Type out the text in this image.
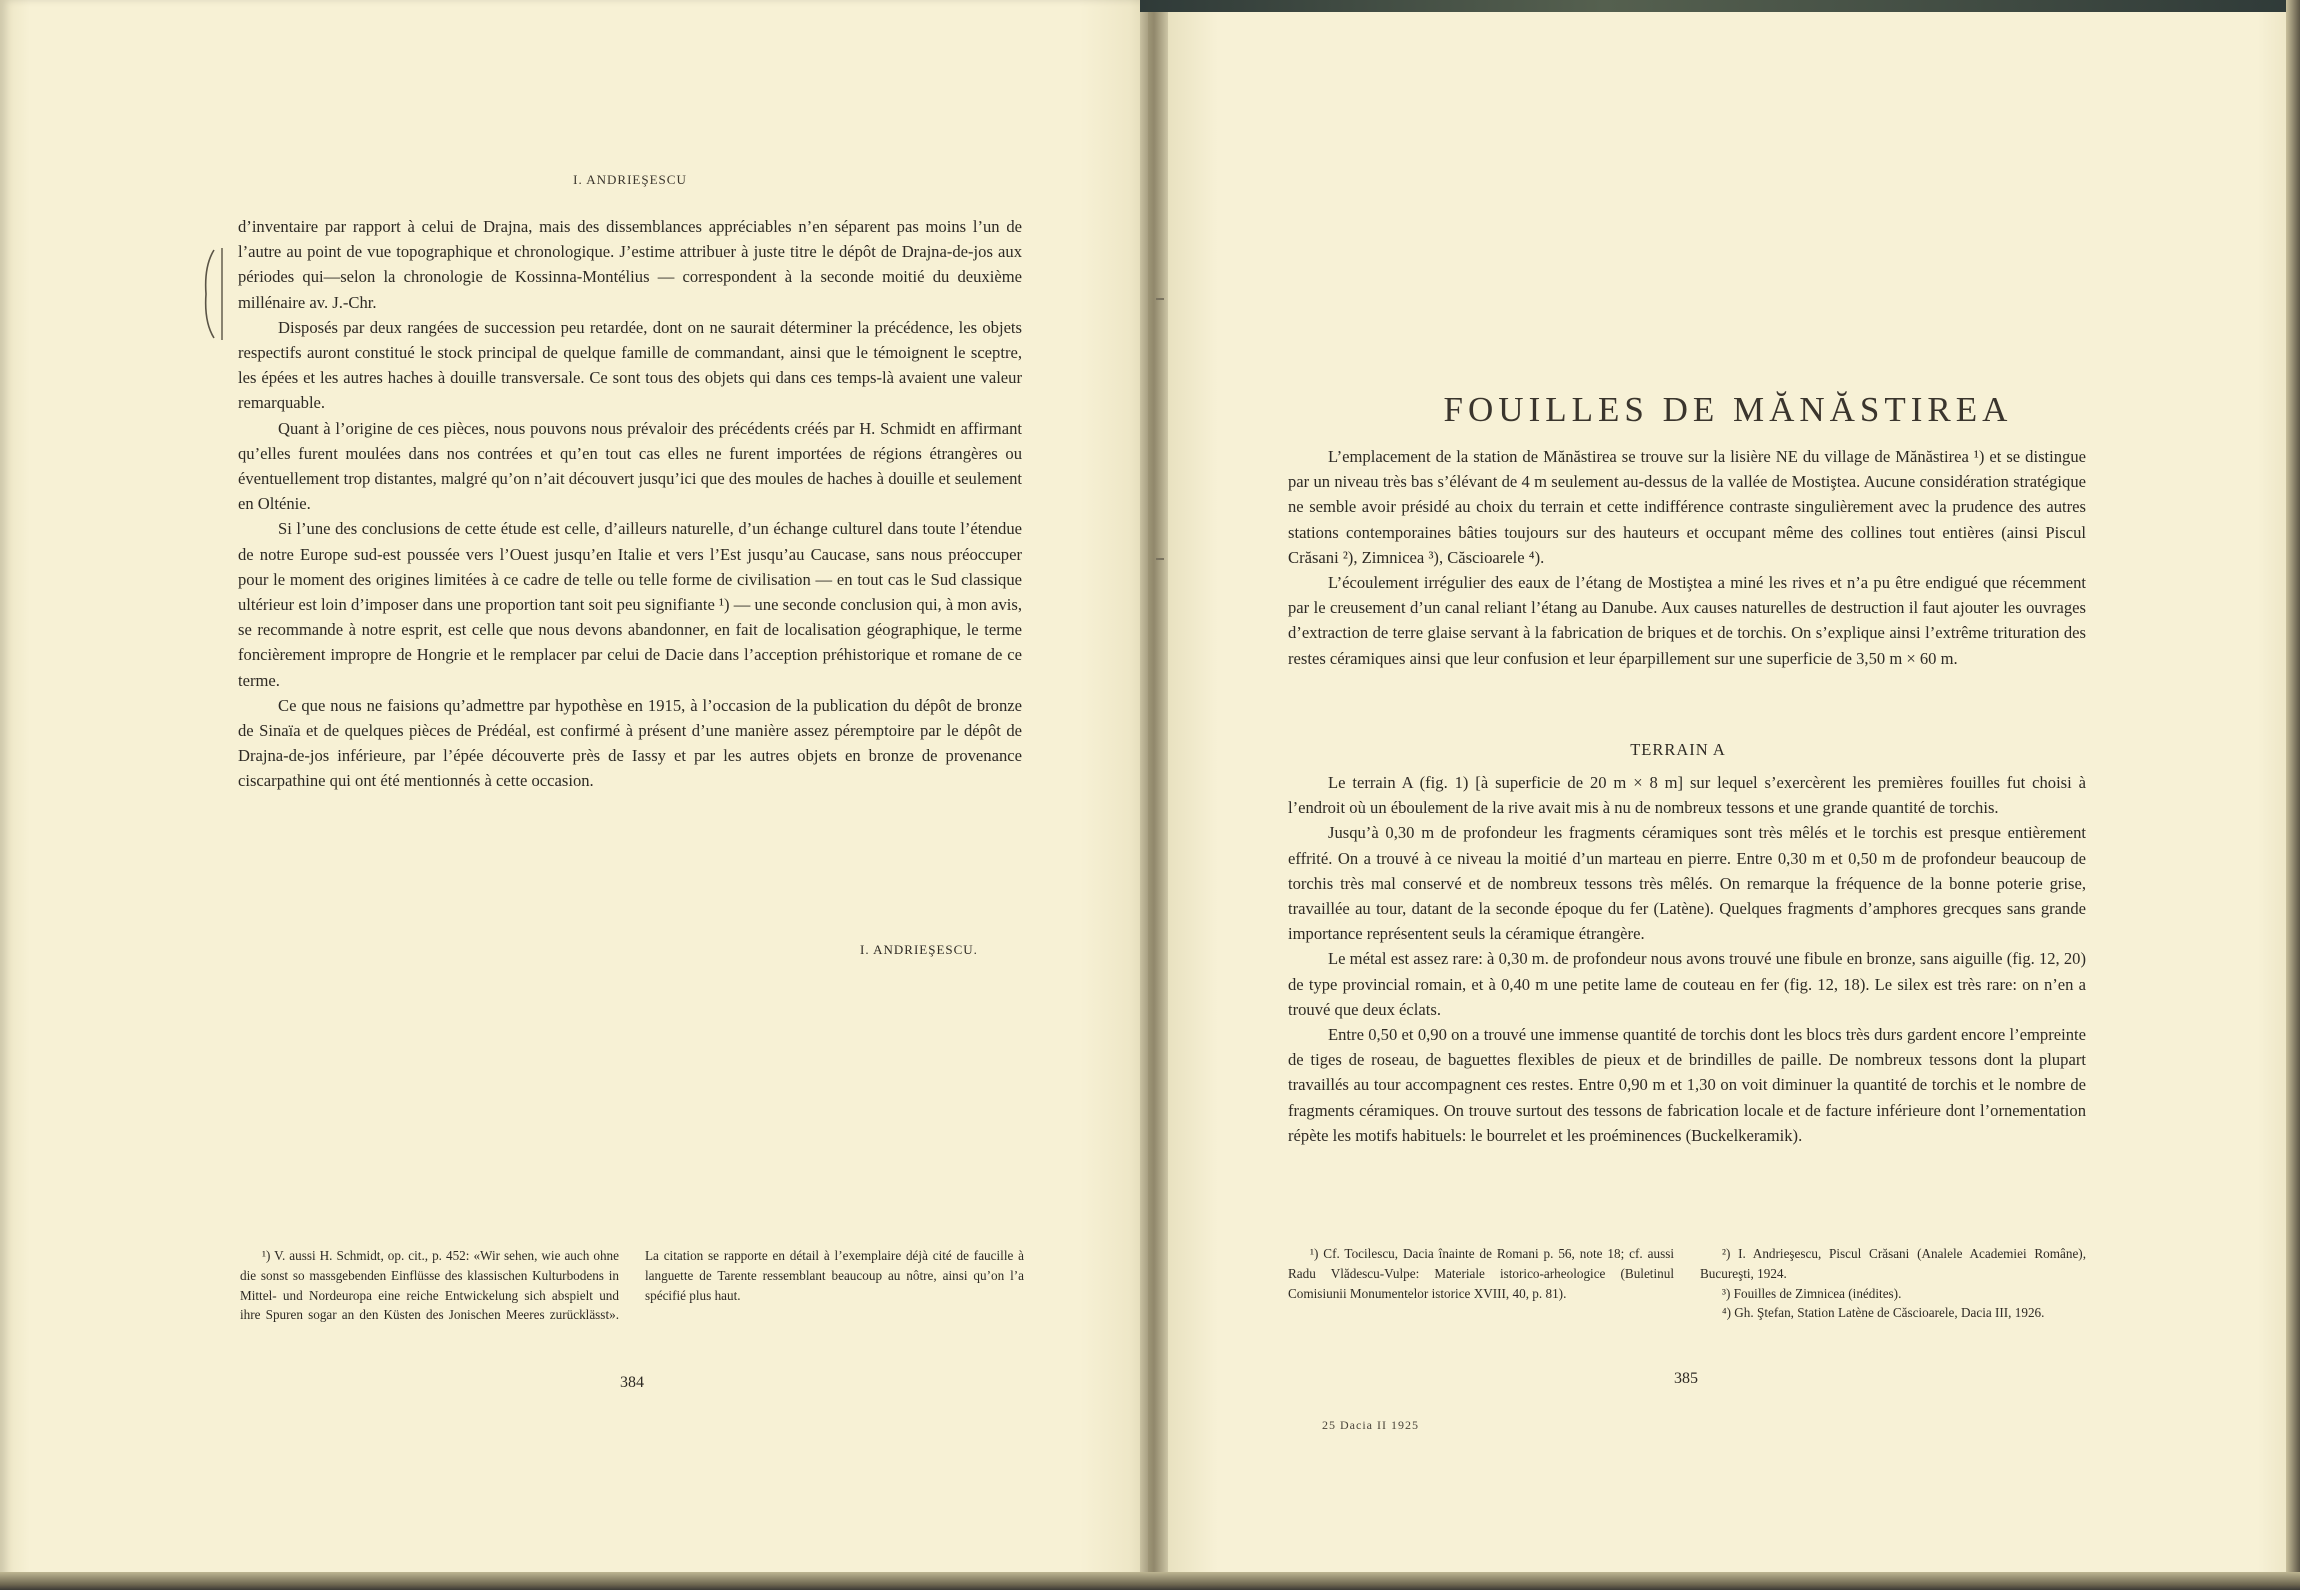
I. ANDRIEŞESCU

d’inventaire par rapport à celui de Drajna, mais des dissemblances appréciables n’en séparent pas moins l’un de l’autre au point de vue topographique et chronologique. J’estime attribuer à juste titre le dépôt de Drajna-de-jos aux périodes qui—selon la chronologie de Kossinna-Montélius — correspondent à la seconde moitié du deuxième millénaire av. J.-Chr.

Disposés par deux rangées de succession peu retardée, dont on ne saurait déterminer la précédence, les objets respectifs auront constitué le stock principal de quelque famille de commandant, ainsi que le témoignent le sceptre, les épées et les autres haches à douille transversale. Ce sont tous des objets qui dans ces temps-là avaient une valeur remarquable.

Quant à l’origine de ces pièces, nous pouvons nous prévaloir des précédents créés par H. Schmidt en affirmant qu’elles furent moulées dans nos contrées et qu’en tout cas elles ne furent importées de régions étrangères ou éventuellement trop distantes, malgré qu’on n’ait découvert jusqu’ici que des moules de haches à douille et seulement en Olténie.

Si l’une des conclusions de cette étude est celle, d’ailleurs naturelle, d’un échange culturel dans toute l’étendue de notre Europe sud-est poussée vers l’Ouest jusqu’en Italie et vers l’Est jusqu’au Caucase, sans nous préoccuper pour le moment des origines limitées à ce cadre de telle ou telle forme de civilisation — en tout cas le Sud classique ultérieur est loin d’imposer dans une proportion tant soit peu signifiante ¹) — une seconde conclusion qui, à mon avis, se recommande à notre esprit, est celle que nous devons abandonner, en fait de localisation géographique, le terme foncièrement impropre de Hongrie et le remplacer par celui de Dacie dans l’acception préhistorique et romane de ce terme.

Ce que nous ne faisions qu’admettre par hypothèse en 1915, à l’occasion de la publication du dépôt de bronze de Sinaïa et de quelques pièces de Prédéal, est confirmé à présent d’une manière assez péremptoire par le dépôt de Drajna-de-jos inférieure, par l’épée découverte près de Iassy et par les autres objets en bronze de provenance ciscarpathine qui ont été mentionnés à cette occasion.

I. ANDRIEŞESCU.

¹) V. aussi H. Schmidt, op. cit., p. 452: «Wir sehen, wie auch ohne die sonst so massgebenden Einflüsse des klassischen Kulturbodens in Mittel- und Nordeuropa eine reiche Entwickelung sich abspielt und ihre Spuren sogar an den Küsten des Jonischen Meeres zurücklässt». La citation se rapporte en détail à l’exemplaire déjà cité de faucille à languette de Tarente ressemblant beaucoup au nôtre, ainsi qu’on l’a spécifié plus haut.

384
FOUILLES DE MĂNĂSTIREA

L’emplacement de la station de Mănăstirea se trouve sur la lisière NE du village de Mănăstirea ¹) et se distingue par un niveau très bas s’élévant de 4 m seulement au-dessus de la vallée de Mostiştea. Aucune considération stratégique ne semble avoir présidé au choix du terrain et cette indifférence contraste singulièrement avec la prudence des autres stations contemporaines bâties toujours sur des hauteurs et occupant même des collines tout entières (ainsi Piscul Crăsani ²), Zimnicea ³), Căscioarele ⁴).

L’écoulement irrégulier des eaux de l’étang de Mostiştea a miné les rives et n’a pu être endigué que récemment par le creusement d’un canal reliant l’étang au Danube. Aux causes naturelles de destruction il faut ajouter les ouvrages d’extraction de terre glaise servant à la fabrication de briques et de torchis. On s’explique ainsi l’extrême trituration des restes céramiques ainsi que leur confusion et leur éparpillement sur une superficie de 3,50 m × 60 m.

TERRAIN A

Le terrain A (fig. 1) [à superficie de 20 m × 8 m] sur lequel s’exercèrent les premières fouilles fut choisi à l’endroit où un éboulement de la rive avait mis à nu de nombreux tessons et une grande quantité de torchis.

Jusqu’à 0,30 m de profondeur les fragments céramiques sont très mêlés et le torchis est presque entièrement effrité. On a trouvé à ce niveau la moitié d’un marteau en pierre. Entre 0,30 m et 0,50 m de profondeur beaucoup de torchis très mal conservé et de nombreux tessons très mêlés. On remarque la fréquence de la bonne poterie grise, travaillée au tour, datant de la seconde époque du fer (Latène). Quelques fragments d’amphores grecques sans grande importance représentent seuls la céramique étrangère.

Le métal est assez rare: à 0,30 m. de profondeur nous avons trouvé une fibule en bronze, sans aiguille (fig. 12, 20) de type provincial romain, et à 0,40 m une petite lame de couteau en fer (fig. 12, 18). Le silex est très rare: on n’en a trouvé que deux éclats.

Entre 0,50 et 0,90 on a trouvé une immense quantité de torchis dont les blocs très durs gardent encore l’empreinte de tiges de roseau, de baguettes flexibles de pieux et de brindilles de paille. De nombreux tessons dont la plupart travaillés au tour accompagnent ces restes. Entre 0,90 m et 1,30 on voit diminuer la quantité de torchis et le nombre de fragments céramiques. On trouve surtout des tessons de fabrication locale et de facture inférieure dont l’ornementation répète les motifs habituels: le bourrelet et les proéminences (Buckelkeramik).

¹) Cf. Tocilescu, Dacia înainte de Romani p. 56, note 18; cf. aussi Radu Vlădescu-Vulpe: Materiale istorico-arheologice (Buletinul Comisiunii Monumentelor istorice XVIII, 40, p. 81).

²) I. Andrieşescu, Piscul Crăsani (Analele Academiei Române), Bucureşti, 1924.

³) Fouilles de Zimnicea (inédites).

⁴) Gh. Ştefan, Station Latène de Căscioarele, Dacia III, 1926.

385
25 Dacia II 1925
